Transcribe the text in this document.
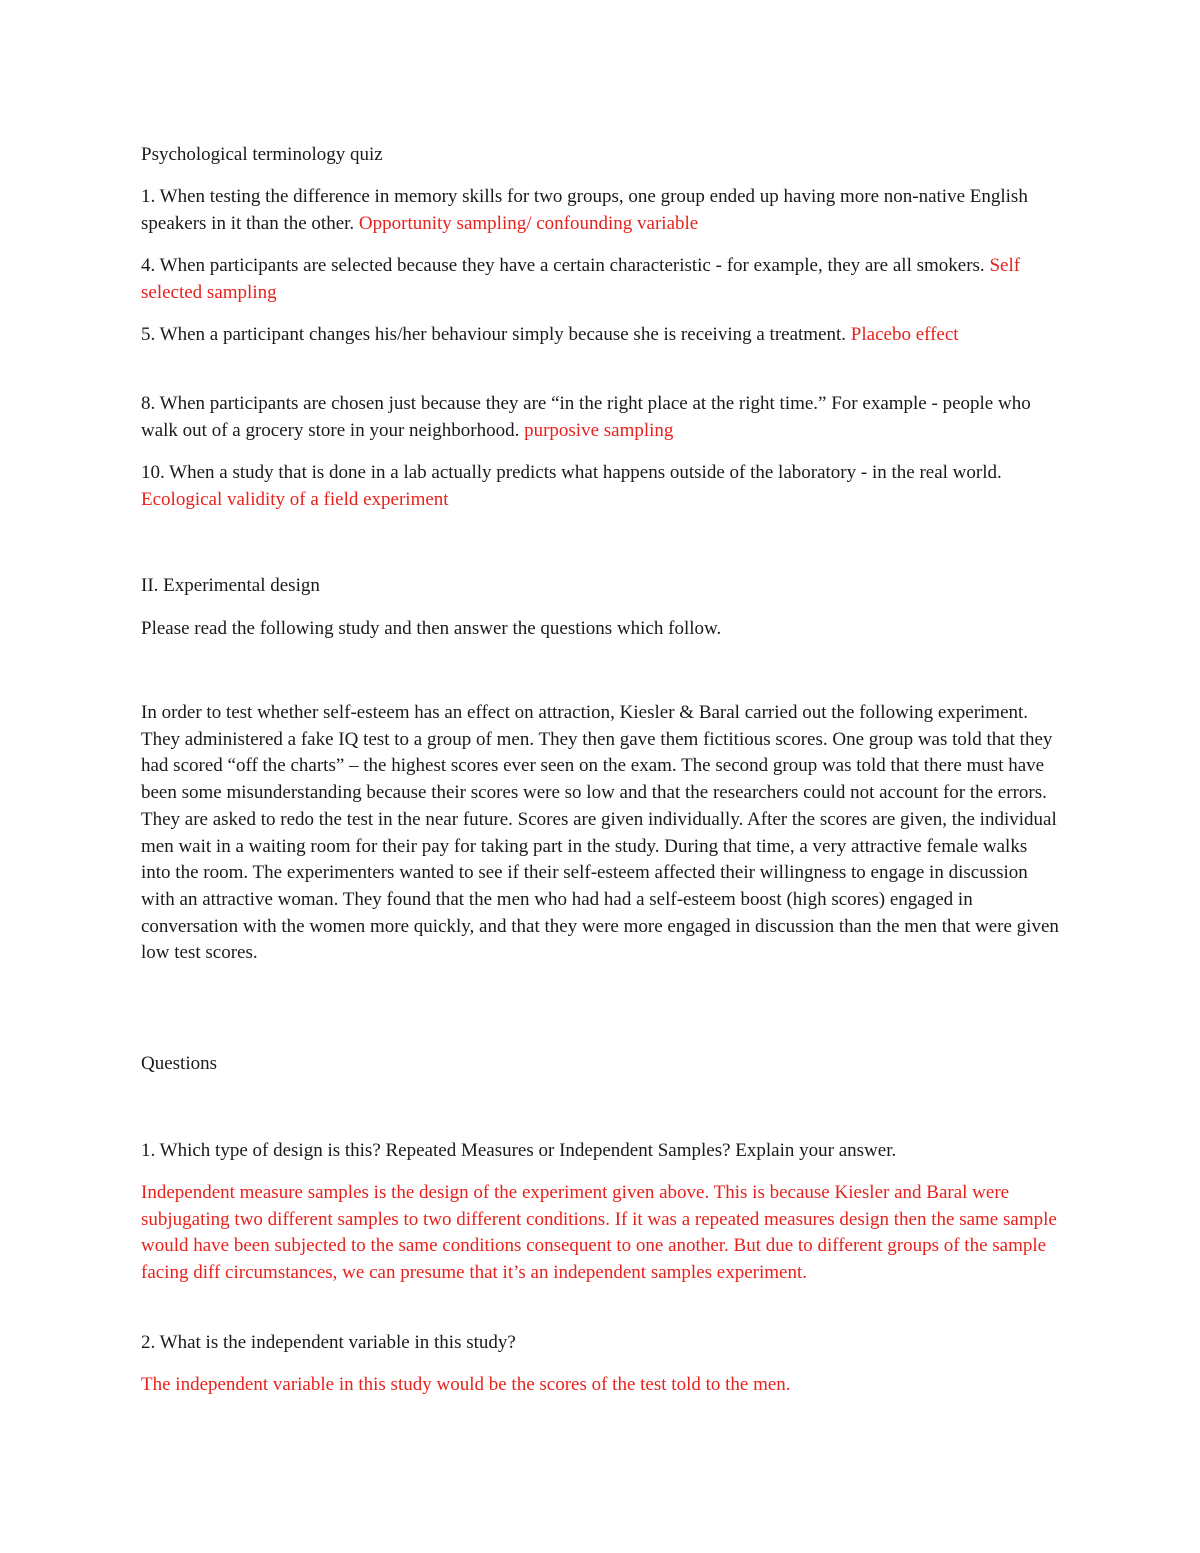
Psychological terminology quiz

1. When testing the difference in memory skills for two groups, one group ended up having more non-native English speakers in it than the other. Opportunity sampling/ confounding variable

4. When participants are selected because they have a certain characteristic - for example, they are all smokers. Self selected sampling

5. When a participant changes his/her behaviour simply because she is receiving a treatment. Placebo effect

8. When participants are chosen just because they are “in the right place at the right time.” For example - people who walk out of a grocery store in your neighborhood. purposive sampling

10. When a study that is done in a lab actually predicts what happens outside of the laboratory - in the real world. Ecological validity of a field experiment

II. Experimental design

Please read the following study and then answer the questions which follow.

In order to test whether self-esteem has an effect on attraction, Kiesler & Baral carried out the following experiment. They administered a fake IQ test to a group of men. They then gave them fictitious scores. One group was told that they had scored “off the charts” – the highest scores ever seen on the exam. The second group was told that there must have been some misunderstanding because their scores were so low and that the researchers could not account for the errors. They are asked to redo the test in the near future. Scores are given individually. After the scores are given, the individual men wait in a waiting room for their pay for taking part in the study. During that time, a very attractive female walks into the room. The experimenters wanted to see if their self-esteem affected their willingness to engage in discussion with an attractive woman. They found that the men who had had a self-esteem boost (high scores) engaged in conversation with the women more quickly, and that they were more engaged in discussion than the men that were given low test scores.

Questions

1. Which type of design is this? Repeated Measures or Independent Samples? Explain your answer.

Independent measure samples is the design of the experiment given above. This is because Kiesler and Baral were subjugating two different samples to two different conditions. If it was a repeated measures design then the same sample would have been subjected to the same conditions consequent to one another. But due to different groups of the sample facing diff circumstances, we can presume that it’s an independent samples experiment.

2. What is the independent variable in this study?

The independent variable in this study would be the scores of the test told to the men.
